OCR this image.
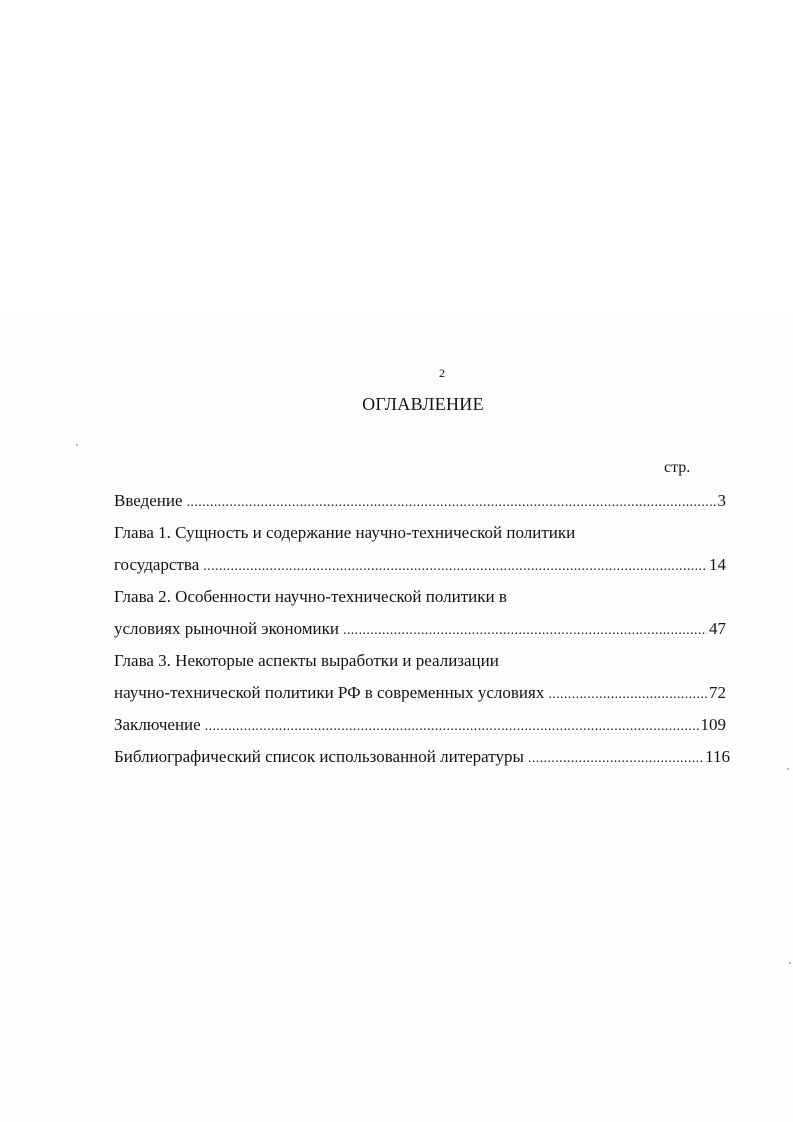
2
ОГЛАВЛЕНИЕ
стр.
Введение .....	3
Глава 1. Сущность и содержание научно-технической политики
государства .....	14
Глава 2. Особенности научно-технической политики в
условиях рыночной экономики .....	47
Глава 3. Некоторые аспекты выработки и реализации
научно-технической политики РФ в современных условиях .....	72
Заключение .....	109
Библиографический список использованной литературы .....	116
